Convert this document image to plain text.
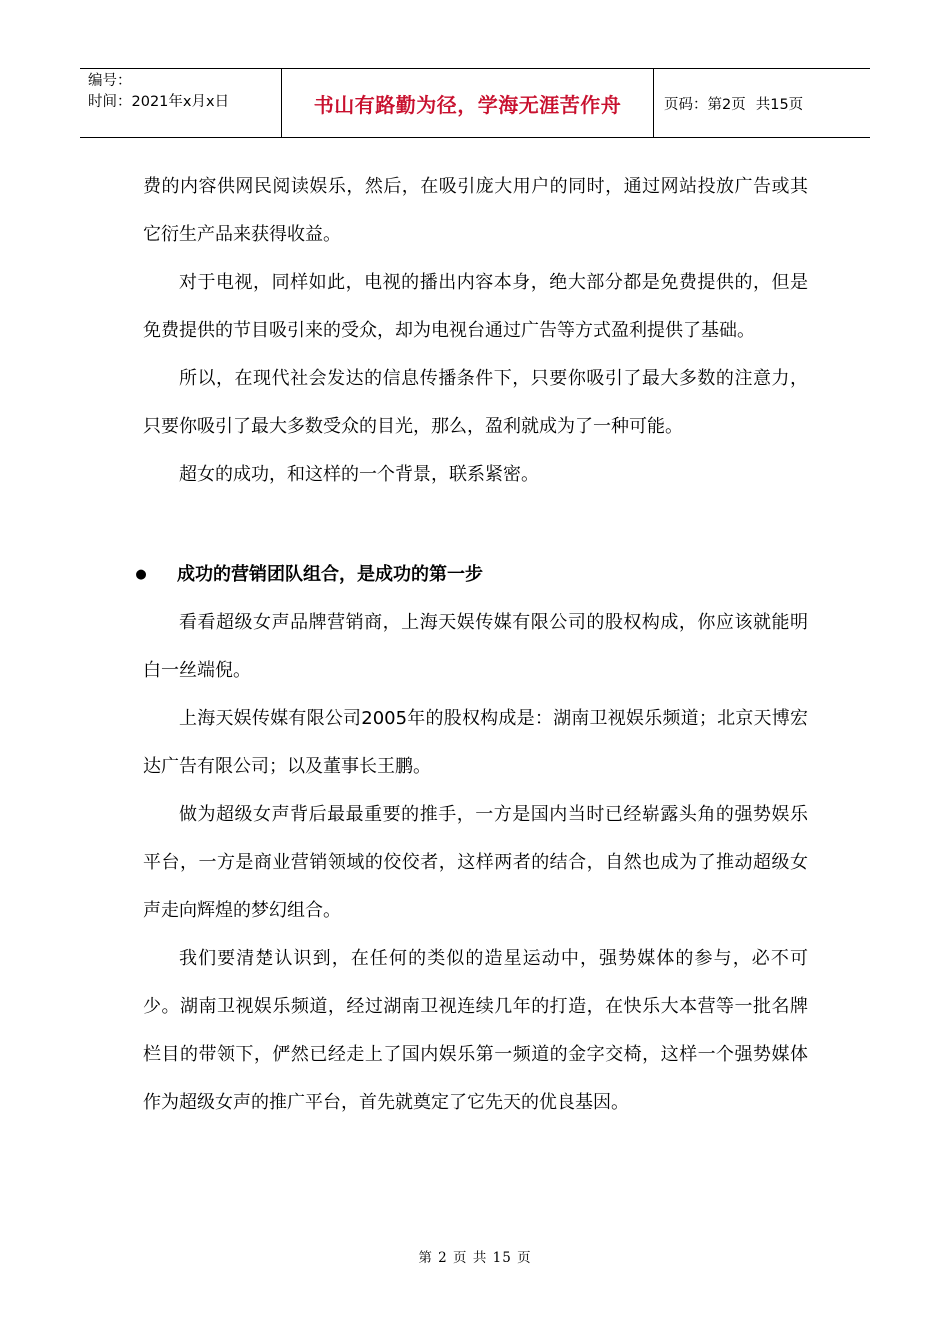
编号：
时间：2021年x月x日	书山有路勤为径，学海无涯苦作舟	页码：第2页 共15页

费的内容供网民阅读娱乐，然后，在吸引庞大用户的同时，通过网站投放广告或其它衍生产品来获得收益。

对于电视，同样如此，电视的播出内容本身，绝大部分都是免费提供的，但是免费提供的节目吸引来的受众，却为电视台通过广告等方式盈利提供了基础。

所以，在现代社会发达的信息传播条件下，只要你吸引了最大多数的注意力，只要你吸引了最大多数受众的目光，那么，盈利就成为了一种可能。

超女的成功，和这样的一个背景，联系紧密。

● 成功的营销团队组合，是成功的第一步

看看超级女声品牌营销商，上海天娱传媒有限公司的股权构成，你应该就能明白一丝端倪。

上海天娱传媒有限公司2005年的股权构成是：湖南卫视娱乐频道；北京天博宏达广告有限公司；以及董事长王鹏。

做为超级女声背后最最重要的推手，一方是国内当时已经崭露头角的强势娱乐平台，一方是商业营销领域的佼佼者，这样两者的结合，自然也成为了推动超级女声走向辉煌的梦幻组合。

我们要清楚认识到，在任何的类似的造星运动中，强势媒体的参与，必不可少。湖南卫视娱乐频道，经过湖南卫视连续几年的打造，在快乐大本营等一批名牌栏目的带领下，俨然已经走上了国内娱乐第一频道的金字交椅，这样一个强势媒体作为超级女声的推广平台，首先就奠定了它先天的优良基因。

第 2 页 共 15 页
